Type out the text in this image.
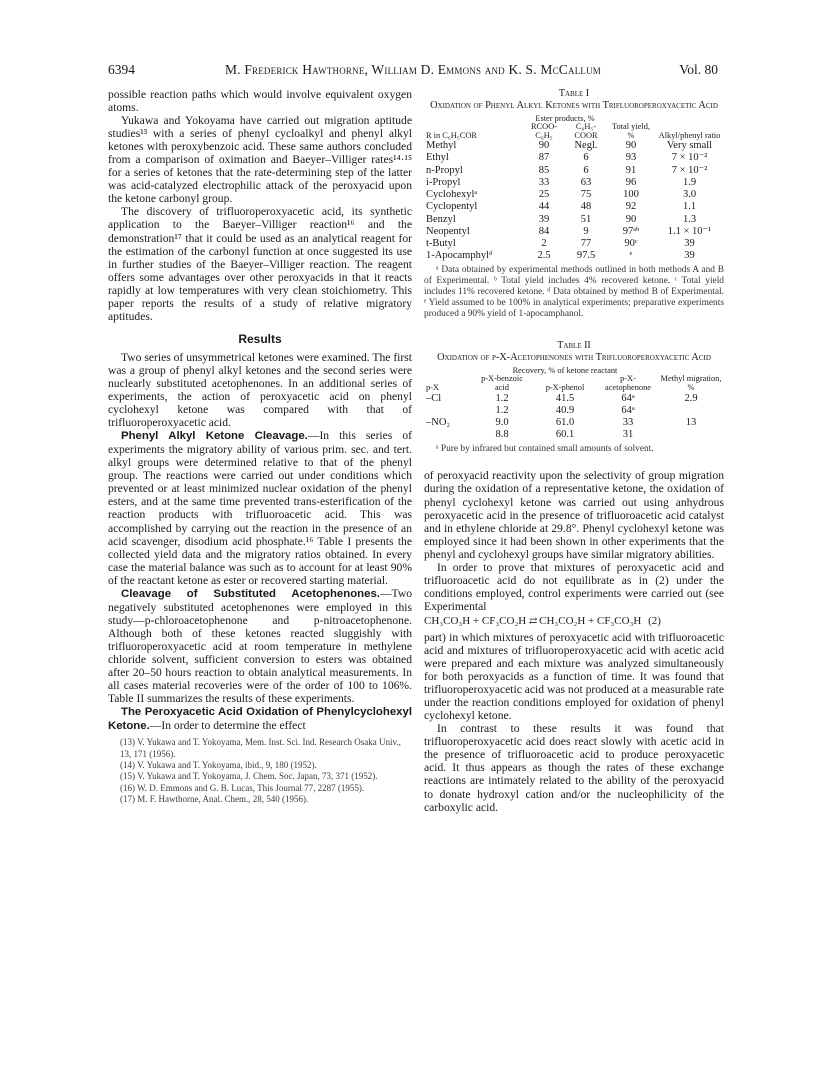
6394	M. Frederick Hawthorne, William D. Emmons and K. S. McCallum	Vol. 80

possible reaction paths which would involve equivalent oxygen atoms.

Yukawa and Yokoyama have carried out migration aptitude studies¹³ with a series of phenyl cycloalkyl and phenyl alkyl ketones with peroxybenzoic acid. These same authors concluded from a comparison of oximation and Baeyer–Villiger rates¹⁴·¹⁵ for a series of ketones that the rate-determining step of the latter was acid-catalyzed electrophilic attack of the peroxyacid upon the ketone carbonyl group.

The discovery of trifluoroperoxyacetic acid, its synthetic application to the Baeyer–Villiger reaction¹⁶ and the demonstration¹⁷ that it could be used as an analytical reagent for the estimation of the carbonyl function at once suggested its use in further studies of the Baeyer–Villiger reaction. The reagent offers some advantages over other peroxyacids in that it reacts rapidly at low temperatures with very clean stoichiometry. This paper reports the results of a study of relative migratory aptitudes.

Results

Two series of unsymmetrical ketones were examined. The first was a group of phenyl alkyl ketones and the second series were nuclearly substituted acetophenones. In an additional series of experiments, the action of peroxyacetic acid on phenyl cyclohexyl ketone was compared with that of trifluoroperoxyacetic acid.

Phenyl Alkyl Ketone Cleavage.—In this series of experiments the migratory ability of various prim. sec. and tert. alkyl groups were determined relative to that of the phenyl group. The reactions were carried out under conditions which prevented or at least minimized nuclear oxidation of the phenyl esters, and at the same time prevented trans-esterification of the reaction products with trifluoroacetic acid. This was accomplished by carrying out the reaction in the presence of an acid scavenger, disodium acid phosphate.¹⁶ Table I presents the collected yield data and the migratory ratios obtained. In every case the material balance was such as to account for at least 90% of the reactant ketone as ester or recovered starting material.

Cleavage of Substituted Acetophenones.—Two negatively substituted acetophenones were employed in this study—p-chloroacetophenone and p-nitroacetophenone. Although both of these ketones reacted sluggishly with trifluoroperoxyacetic acid at room temperature in methylene chloride solvent, sufficient conversion to esters was obtained after 20–50 hours reaction to obtain analytical measurements. In all cases material recoveries were of the order of 100 to 106%. Table II summarizes the results of these experiments.

The Peroxyacetic Acid Oxidation of Phenylcyclohexyl Ketone.—In order to determine the effect

(13) V. Yukawa and T. Yokoyama, Mem. Inst. Sci. Ind. Research Osaka Univ., 13, 171 (1956).

(14) V. Yukawa and T. Yokoyama, ibid., 9, 180 (1952).

(15) V. Yukawa and T. Yokoyama, J. Chem. Soc. Japan, 73, 371 (1952).

(16) W. D. Emmons and G. B. Lucas, This Journal 77, 2287 (1955).

(17) M. F. Hawthorne, Anal. Chem., 28, 540 (1956).

Table I
Oxidation of Phenyl Alkyl Ketones with Trifluoroperoxyacetic Acid
	Ester products, %			
R in C₆H₅COR	RCOO-C₆H₅	C₆H₅-COOR	Total yield, %	Alkyl/phenyl ratio
Methyl	90	Negl.	90	Very small
Ethyl	87	6	93	7 × 10⁻²
n-Propyl	85	6	91	7 × 10⁻²
i-Propyl	33	63	96	1.9
Cyclohexylᵃ	25	75	100	3.0
Cyclopentyl	44	48	92	1.1
Benzyl	39	51	90	1.3
Neopentyl	84	9	97ᵃᵇ	1.1 × 10⁻¹
t-Butyl	2	77	90ᶜ	39
1-Apocamphylᵈ	2.5	97.5	ᵉ	39

ᵃ Data obtained by experimental methods outlined in both methods A and B of Experimental. ᵇ Total yield includes 4% recovered ketone. ᶜ Total yield includes 11% recovered ketone. ᵈ Data obtained by method B of Experimental. ᵉ Yield assumed to be 100% in analytical experiments; preparative experiments produced a 90% yield of 1-apocamphanol.

Table II
Oxidation of p-X-Acetophenones with Trifluoroperoxyacetic Acid
	Recovery, % of ketone reactant			
p-X	p-X-benzoic acid	p-X-phenol	p-X-acetophenone	Methyl migration, %
–Cl	1.2	41.5	64ᵃ	2.9
	1.2	40.9	64ᵃ	
–NO₂	9.0	61.0	33	13
	8.8	60.1	31	

ᵃ Pure by infrared but contained small amounts of solvent.

of peroxyacid reactivity upon the selectivity of group migration during the oxidation of a representative ketone, the oxidation of phenyl cyclohexyl ketone was carried out using anhydrous peroxyacetic acid in the presence of trifluoroacetic acid catalyst and in ethylene chloride at 29.8°. Phenyl cyclohexyl ketone was employed since it had been shown in other experiments that the phenyl and cyclohexyl groups have similar migratory abilities.

In order to prove that mixtures of peroxyacetic acid and trifluoroacetic acid do not equilibrate as in (2) under the conditions employed, control experiments were carried out (see Experimental

CH₃CO₃H + CF₃CO₂H ⇄ CH₃CO₂H + CF₃CO₃H (2)

part) in which mixtures of peroxyacetic acid with trifluoroacetic acid and mixtures of trifluoroperoxyacetic acid with acetic acid were prepared and each mixture was analyzed simultaneously for both peroxyacids as a function of time. It was found that trifluoroperoxyacetic acid was not produced at a measurable rate under the reaction conditions employed for oxidation of phenyl cyclohexyl ketone.

In contrast to these results it was found that trifluoroperoxyacetic acid does react slowly with acetic acid in the presence of trifluoroacetic acid to produce peroxyacetic acid. It thus appears as though the rates of these exchange reactions are intimately related to the ability of the peroxyacid to donate hydroxyl cation and/or the nucleophilicity of the carboxylic acid.
